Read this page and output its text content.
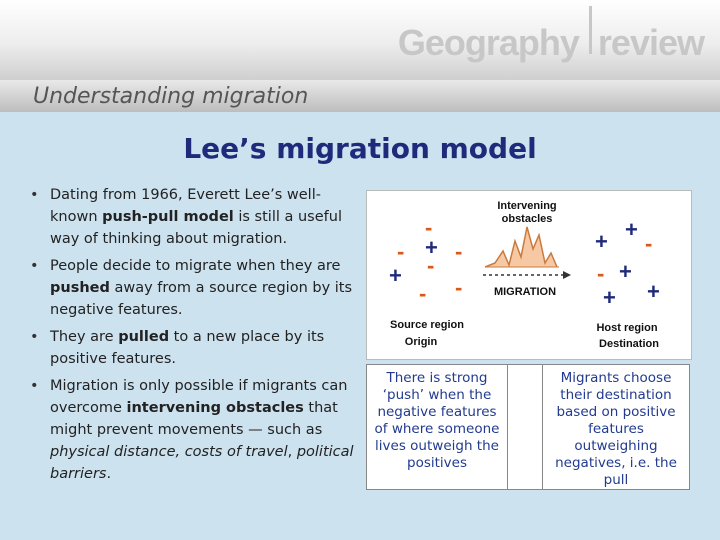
Geography review
Understanding migration
Lee’s migration model
• Dating from 1966, Everett Lee’s well-known push-pull model is still a useful way of thinking about migration.
• People decide to migrate when they are pushed away from a source region by its negative features.
• They are pulled to a new place by its positive features.
• Migration is only possible if migrants can overcome intervening obstacles that might prevent movements — such as physical distance, costs of travel, political barriers.
Intervening
obstacles
MIGRATION
-
- + -
-
+ -
-
Source region
Origin
+ +
-
- +
+ +
Host region
Destination
There is strong ‘push’ when the negative features of where someone lives outweigh the positives
Migrants choose their destination based on positive features outweighing negatives, i.e. the pull
